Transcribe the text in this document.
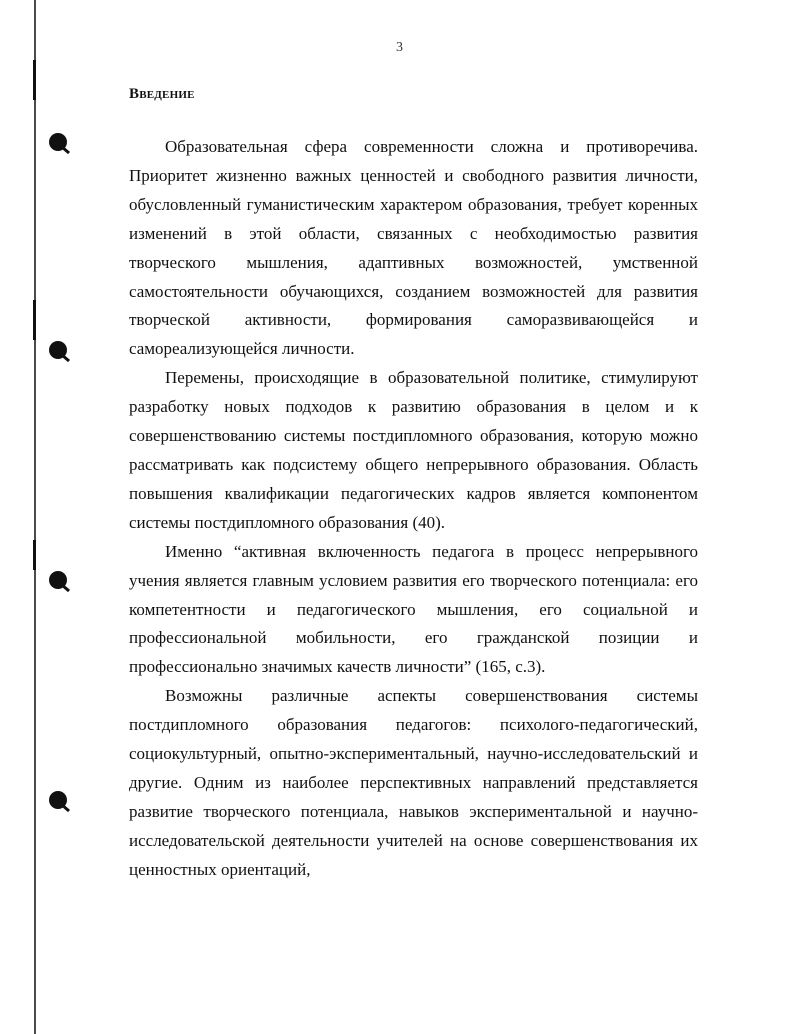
3
Введение

Образовательная сфера современности сложна и противоречива. Приоритет жизненно важных ценностей и свободного развития личности, обусловленный гуманистическим характером образования, требует коренных изменений в этой области, связанных с необходимостью развития творческого мышления, адаптивных возможностей, умственной самостоятельности обучающихся, созданием возможностей для развития творческой активности, формирования саморазвивающейся и самореализующейся личности.

Перемены, происходящие в образовательной политике, стимулируют разработку новых подходов к развитию образования в целом и к совершенствованию системы постдипломного образования, которую можно рассматривать как подсистему общего непрерывного образования. Область повышения квалификации педагогических кадров является компонентом системы постдипломного образования (40).

Именно “активная включенность педагога в процесс непрерывного учения является главным условием развития его творческого потенциала: его компетентности и педагогического мышления, его социальной и профессиональной мобильности, его гражданской позиции и профессионально значимых качеств личности” (165, с.3).

Возможны различные аспекты совершенствования системы постдипломного образования педагогов: психолого-педагогический, социокультурный, опытно-экспериментальный, научно-исследовательский и другие. Одним из наиболее перспективных направлений представляется развитие творческого потенциала, навыков экспериментальной и научно-исследовательской деятельности учителей на основе совершенствования их ценностных ориентаций,
